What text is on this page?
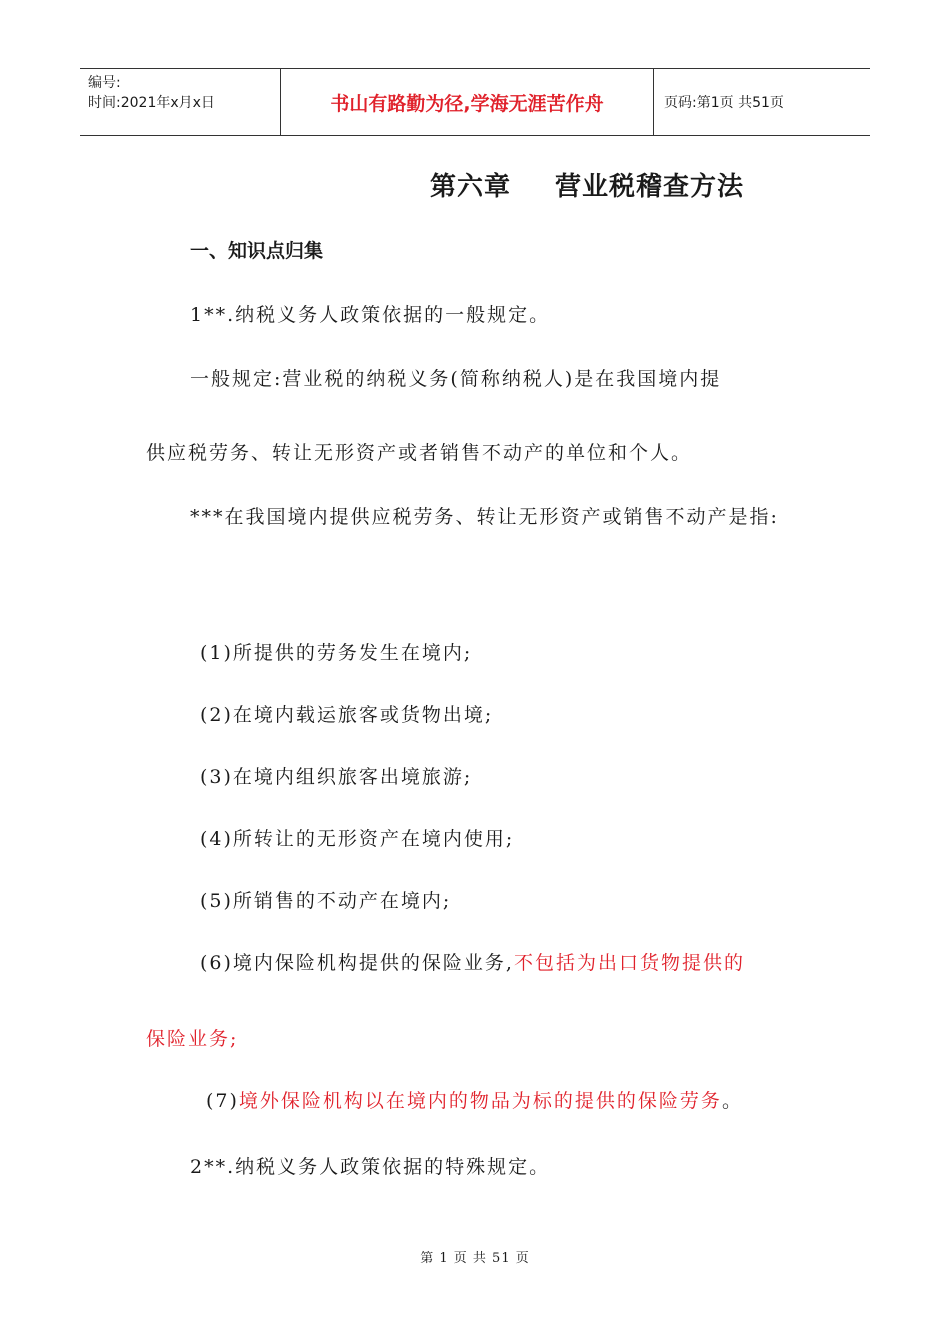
编号:
时间:2021年x月x日	书山有路勤为径,学海无涯苦作舟	页码:第1页 共51页
第六章 营业税稽查方法
一、知识点归集
1**.纳税义务人政策依据的一般规定。
一般规定:营业税的纳税义务(简称纳税人)是在我国境内提
供应税劳务、转让无形资产或者销售不动产的单位和个人。
***在我国境内提供应税劳务、转让无形资产或销售不动产是指:
(1)所提供的劳务发生在境内;
(2)在境内载运旅客或货物出境;
(3)在境内组织旅客出境旅游;
(4)所转让的无形资产在境内使用;
(5)所销售的不动产在境内;
(6)境内保险机构提供的保险业务,不包括为出口货物提供的
保险业务;
(7)境外保险机构以在境内的物品为标的提供的保险劳务。
2**.纳税义务人政策依据的特殊规定。
第 1 页 共 51 页
